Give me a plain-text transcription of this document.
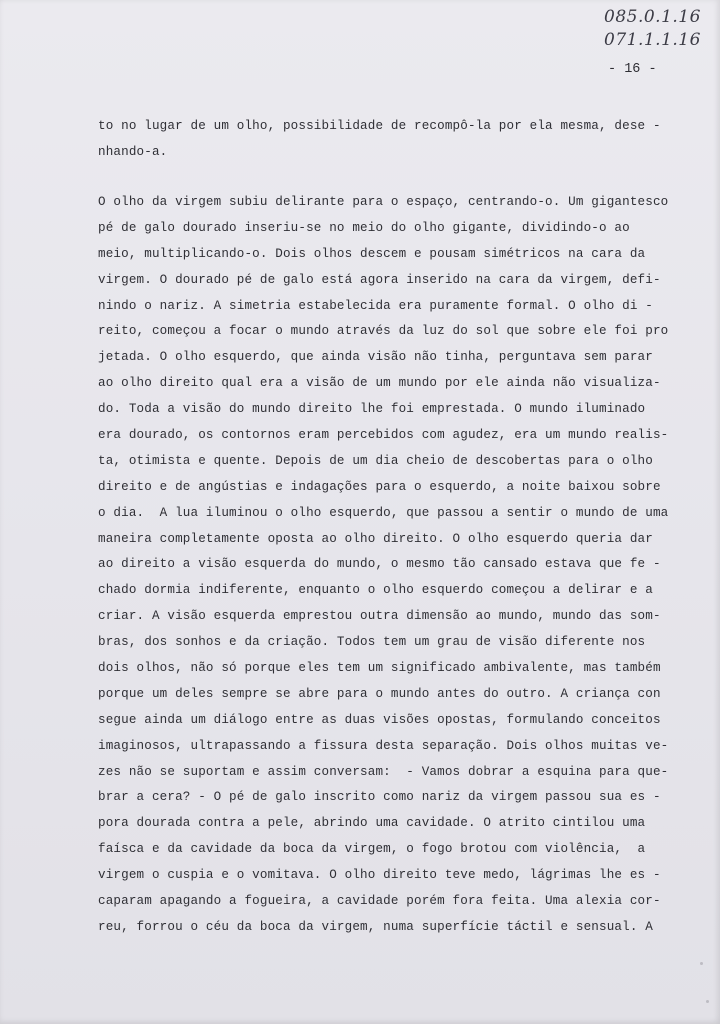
085.0.1.16
071.1.1.16
- 16 -
to no lugar de um olho, possibilidade de recompô-la por ela mesma, dese -
nhando-a.
O olho da virgem subiu delirante para o espaço, centrando-o. Um gigantesco
pé de galo dourado inseriu-se no meio do olho gigante, dividindo-o ao
meio, multiplicando-o. Dois olhos descem e pousam simétricos na cara da
virgem. O dourado pé de galo está agora inserido na cara da virgem, defi-
nindo o nariz. A simetria estabelecida era puramente formal. O olho di -
reito, começou a focar o mundo através da luz do sol que sobre ele foi pro
jetada. O olho esquerdo, que ainda visão não tinha, perguntava sem parar
ao olho direito qual era a visão de um mundo por ele ainda não visualiza-
do. Toda a visão do mundo direito lhe foi emprestada. O mundo iluminado
era dourado, os contornos eram percebidos com agudez, era um mundo realis-
ta, otimista e quente. Depois de um dia cheio de descobertas para o olho
direito e de angústias e indagações para o esquerdo, a noite baixou sobre
o dia.  A lua iluminou o olho esquerdo, que passou a sentir o mundo de uma
maneira completamente oposta ao olho direito. O olho esquerdo queria dar
ao direito a visão esquerda do mundo, o mesmo tão cansado estava que fe -
chado dormia indiferente, enquanto o olho esquerdo começou a delirar e a
criar. A visão esquerda emprestou outra dimensão ao mundo, mundo das som-
bras, dos sonhos e da criação. Todos tem um grau de visão diferente nos
dois olhos, não só porque eles tem um significado ambivalente, mas também
porque um deles sempre se abre para o mundo antes do outro. A criança con
segue ainda um diálogo entre as duas visões opostas, formulando conceitos
imaginosos, ultrapassando a fissura desta separação. Dois olhos muitas ve-
zes não se suportam e assim conversam:  - Vamos dobrar a esquina para que-
brar a cera? - O pé de galo inscrito como nariz da virgem passou sua es -
pora dourada contra a pele, abrindo uma cavidade. O atrito cintilou uma
faísca e da cavidade da boca da virgem, o fogo brotou com violência,  a
virgem o cuspia e o vomitava. O olho direito teve medo, lágrimas lhe es -
caparam apagando a fogueira, a cavidade porém fora feita. Uma alexia cor-
reu, forrou o céu da boca da virgem, numa superfície táctil e sensual. A
